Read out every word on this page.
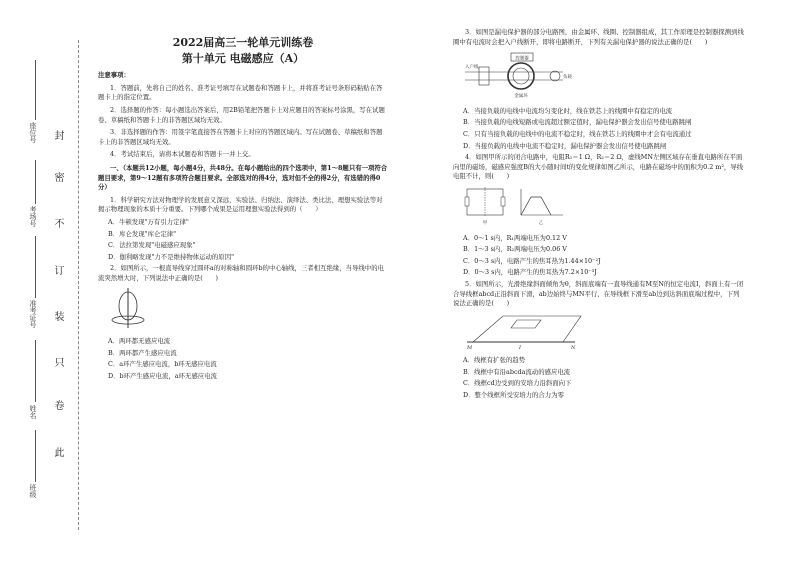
封
密
不
订
装
只
卷
此
座位号
考场号
准考证号
姓名
班级
2022届高三一轮单元训练卷
第十单元 电磁感应（A）
注意事项：

1．答题前，先将自己的姓名、准考证号填写在试题卷和答题卡上，并将准考证号条形码粘贴在答题卡上的指定位置。

2．选择题的作答：每小题选出答案后，用2B铅笔把答题卡上对应题目的答案标号涂黑，写在试题卷、草稿纸和答题卡上的非答题区域均无效。

3．非选择题的作答：用签字笔直接答在答题卡上对应的答题区域内。写在试题卷、草稿纸和答题卡上的非答题区域均无效。

4．考试结束后，请将本试题卷和答题卡一并上交。

一、（本题共12小题，每小题4分，共48分。在每小题给出的四个选项中，第1～8题只有一项符合题目要求，第9～12题有多项符合题目要求。全部选对的得4分，选对但不全的得2分，有选错的得0分）

1．科学研究方法对物理学的发展意义深远，实验法、归纳法、演绎法、类比法、理想实验法等对揭示物理现象的本质十分重要。下列哪个成果是运用理想实验法得到的（　　）

A．牛顿发现"万有引力定律"
B．库仑发现"库仑定律"
C．法拉第发现"电磁感应现象"
D．伽利略发现"力不是维持物体运动的原因"

2．如图所示，一根直导线穿过圆环a的对称轴和圆环b的中心轴线，三者相互绝缘，当导线中的电流突然增大时，下列说法中正确的是(　　)

A．两环都无感应电流
B．两环都产生感应电流
C．a环产生感应电流，b环无感应电流
D．b环产生感应电流，a环无感应电流

3．如图是漏电保护器的部分电路图，由金属环、线圈、控制器组成，其工作原理是控制器探测到线圈中有电流时会把入户线断开，即将电路断开，下列有关漏电保护器的说法正确的是(　　)

控制器
入户线
金属环
负载
A．当接负载的电线中电流均匀变化时，线在铁芯上的线圈中有稳定的电流
B．当接负载的电线短路或电流超过额定值时，漏电保护器会发出信号使电路跳闸
C．只有当接负载的电线中的电流不稳定时，线在铁芯上的线圈中才会有电流通过
D．当接负载的电线中电流不稳定时，漏电保护器会发出信号使电路跳闸

4．如图甲所示的闭合电路中，电阻R₁＝1 Ω，R₂＝2 Ω，虚线MN左侧区域存在垂直电路所在平面向里的磁场，磁感应强度B的大小随时间t的变化规律如图乙所示，电路在磁场中的面积为0.2 m²，导线电阻不计，则(　　)

甲	乙
A．0～1 s内，R₁两端电压为0.12 V
B．1～3 s内，R₂两端电压为0.06 V
C．0～3 s内，电路产生的焦耳热为1.44×10⁻²J
D．0～3 s内，电路产生的焦耳热为7.2×10⁻³J

5．如图所示，光滑绝缘斜面倾角为θ，斜面底端有一直导线通有M至N的恒定电流I，斜面上有一闭合导线框abcd正沿斜面下滑，ab边始终与MN平行，在导线框下滑至ab边到达斜面底端过程中，下列说法正确的是(　　)

M	I	N
A．线框有扩张的趋势
B．线框中有沿abcda流动的感应电流
C．线框cd边受到的安培力沿斜面向下
D．整个线框所受安培力的合力为零
